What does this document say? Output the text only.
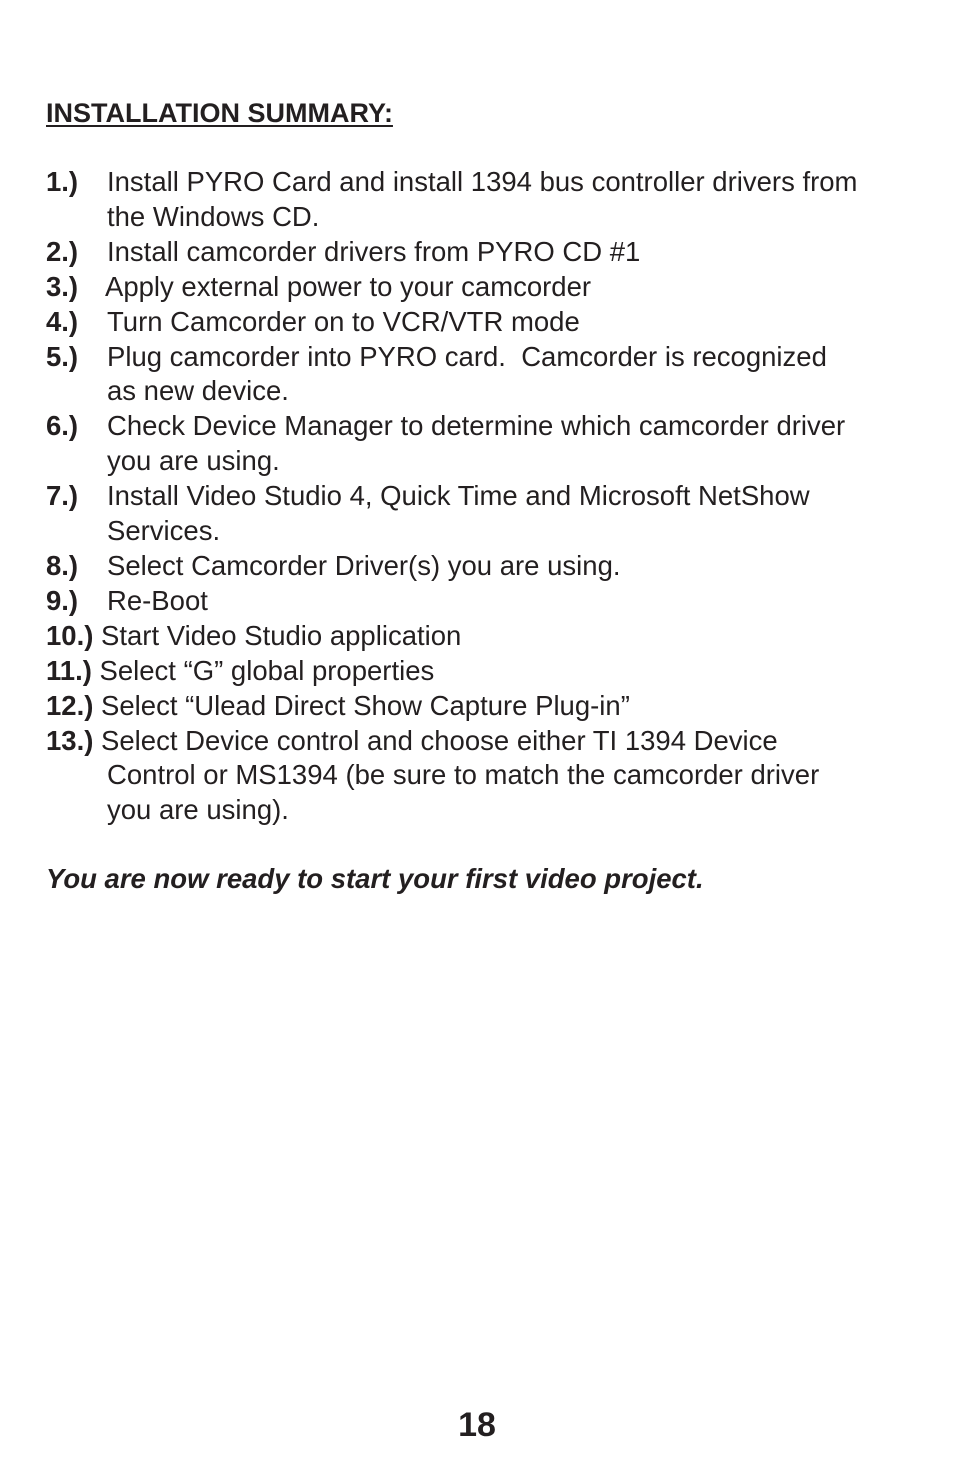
INSTALLATION SUMMARY:
1.) Install PYRO Card and install 1394 bus controller drivers from
the Windows CD.
2.) Install camcorder drivers from PYRO CD #1
3.) Apply external power to your camcorder
4.) Turn Camcorder on to VCR/VTR mode
5.) Plug camcorder into PYRO card.  Camcorder is recognized
as new device.
6.) Check Device Manager to determine which camcorder driver
you are using.
7.) Install Video Studio 4, Quick Time and Microsoft NetShow
Services.
8.) Select Camcorder Driver(s) you are using.
9.) Re-Boot
10.) Start Video Studio application
11.) Select “G” global properties
12.) Select “Ulead Direct Show Capture Plug-in”
13.) Select Device control and choose either TI 1394 Device
Control or MS1394 (be sure to match the camcorder driver
you are using).

You are now ready to start your first video project.

18
